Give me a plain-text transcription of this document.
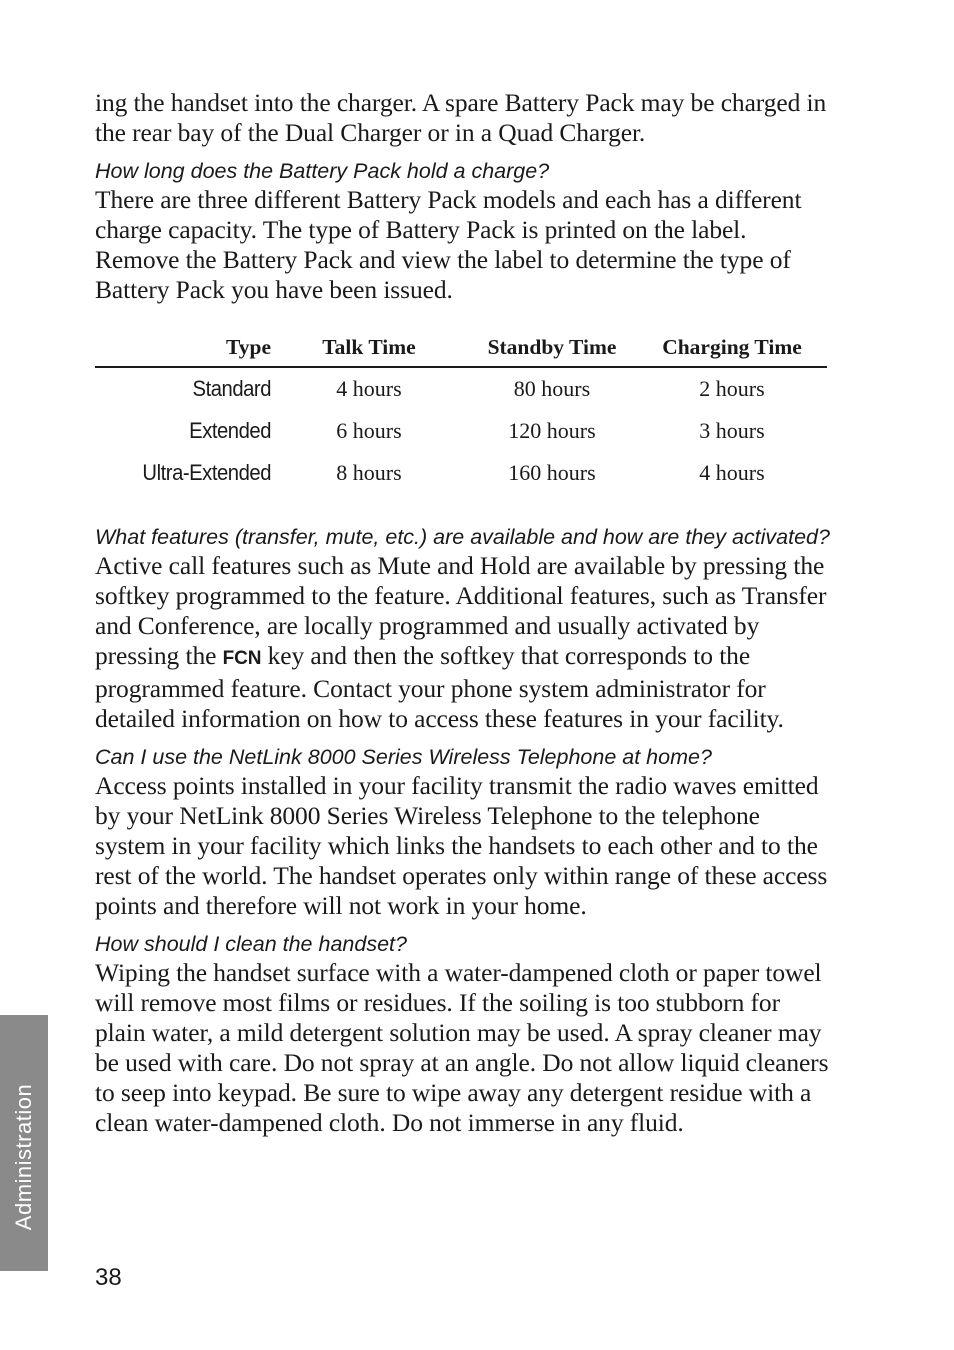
ing the handset into the charger. A spare Battery Pack may be charged in the rear bay of the Dual Charger or in a Quad Charger.

How long does the Battery Pack hold a charge?

There are three different Battery Pack models and each has a different charge capacity. The type of Battery Pack is printed on the label. Remove the Battery Pack and view the label to determine the type of Battery Pack you have been issued.

Type	Talk Time	Standby Time	Charging Time
Standard	4 hours	80 hours	2 hours
Extended	6 hours	120 hours	3 hours
Ultra-Extended	8 hours	160 hours	4 hours

What features (transfer, mute, etc.) are available and how are they activated?

Active call features such as Mute and Hold are available by pressing the softkey programmed to the feature. Additional features, such as Transfer and Conference, are locally programmed and usually activated by pressing the FCN key and then the softkey that corresponds to the programmed feature. Contact your phone system administrator for detailed information on how to access these features in your facility.

Can I use the NetLink 8000 Series Wireless Telephone at home?

Access points installed in your facility transmit the radio waves emitted by your NetLink 8000 Series Wireless Telephone to the telephone system in your facility which links the handsets to each other and to the rest of the world. The handset operates only within range of these access points and therefore will not work in your home.

How should I clean the handset?

Wiping the handset surface with a water-dampened cloth or paper towel will remove most films or residues. If the soiling is too stubborn for plain water, a mild detergent solution may be used. A spray cleaner may be used with care. Do not spray at an angle. Do not allow liquid cleaners to seep into keypad. Be sure to wipe away any detergent residue with a clean water-dampened cloth. Do not immerse in any fluid.

Administration
38
